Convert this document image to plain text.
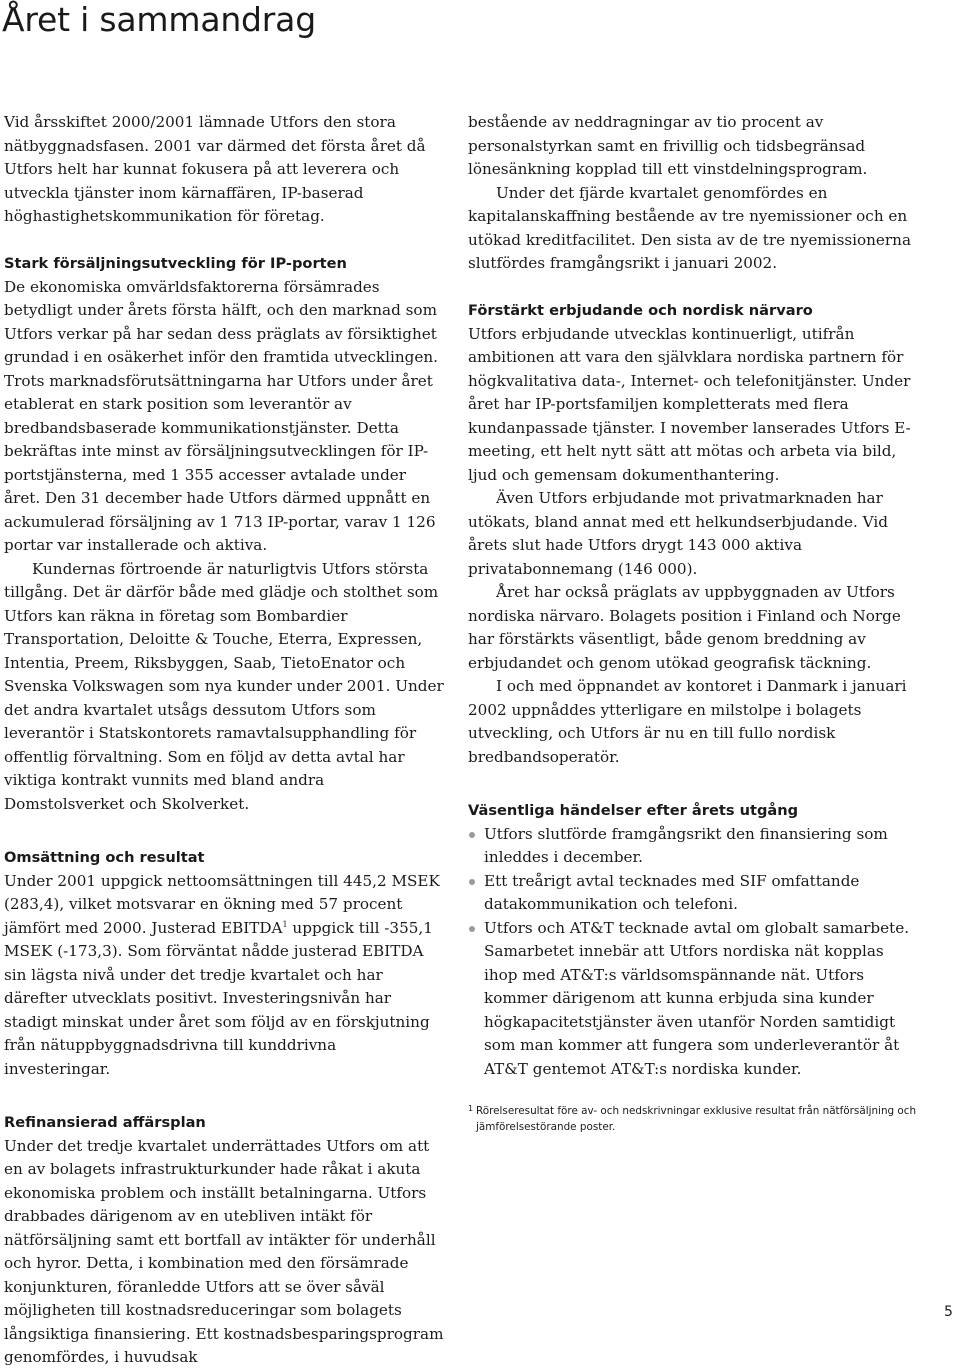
Året i sammandrag

Vid årsskiftet 2000/2001 lämnade Utfors den stora nätbyggnadsfasen. 2001 var därmed det första året då Utfors helt har kunnat fokusera på att leverera och utveckla tjänster inom kärnaffären, IP-baserad höghastighetskommunikation för företag.

Stark försäljningsutveckling för IP-porten

De ekonomiska omvärldsfaktorerna försämrades betydligt under årets första hälft, och den marknad som Utfors verkar på har sedan dess präglats av försiktighet grundad i en osäkerhet inför den framtida utvecklingen. Trots marknadsförutsättningarna har Utfors under året etablerat en stark position som leverantör av bredbandsbaserade kommunikationstjänster. Detta bekräftas inte minst av försäljningsutvecklingen för IP-portstjänsterna, med 1 355 accesser avtalade under året. Den 31 december hade Utfors därmed uppnått en ackumulerad försäljning av 1 713 IP-portar, varav 1 126 portar var installerade och aktiva.

Kundernas förtroende är naturligtvis Utfors största tillgång. Det är därför både med glädje och stolthet som Utfors kan räkna in företag som Bombardier Transportation, Deloitte & Touche, Eterra, Expressen, Intentia, Preem, Riksbyggen, Saab, TietoEnator och Svenska Volkswagen som nya kunder under 2001. Under det andra kvartalet utsågs dessutom Utfors som leverantör i Statskontorets ramavtalsupphandling för offentlig förvaltning. Som en följd av detta avtal har viktiga kontrakt vunnits med bland andra Domstolsverket och Skolverket.

Omsättning och resultat

Under 2001 uppgick nettoomsättningen till 445,2 MSEK (283,4), vilket motsvarar en ökning med 57 procent jämfört med 2000. Justerad EBITDA$^1$ uppgick till -355,1 MSEK (-173,3). Som förväntat nådde justerad EBITDA sin lägsta nivå under det tredje kvartalet och har därefter utvecklats positivt. Investeringsnivån har stadigt minskat under året som följd av en förskjutning från nätuppbyggnadsdrivna till kunddrivna investeringar.

Refinansierad affärsplan

Under det tredje kvartalet underrättades Utfors om att en av bolagets infrastrukturkunder hade råkat i akuta ekonomiska problem och inställt betalningarna. Utfors drabbades därigenom av en utebliven intäkt för nätförsäljning samt ett bortfall av intäkter för underhåll och hyror. Detta, i kombination med den försämrade konjunkturen, föranledde Utfors att se över såväl möjligheten till kostnadsreduceringar som bolagets långsiktiga finansiering. Ett kostnadsbesparingsprogram genomfördes, i huvudsak

bestående av neddragningar av tio procent av personalstyrkan samt en frivillig och tidsbegränsad lönesänkning kopplad till ett vinstdelningsprogram.

Under det fjärde kvartalet genomfördes en kapitalanskaffning bestående av tre nyemissioner och en utökad kreditfacilitet. Den sista av de tre nyemissionerna slutfördes framgångsrikt i januari 2002.

Förstärkt erbjudande och nordisk närvaro

Utfors erbjudande utvecklas kontinuerligt, utifrån ambitionen att vara den självklara nordiska partnern för högkvalitativa data-, Internet- och telefonitjänster. Under året har IP-portsfamiljen kompletterats med flera kundanpassade tjänster. I november lanserades Utfors E-meeting, ett helt nytt sätt att mötas och arbeta via bild, ljud och gemensam dokumenthantering.

Även Utfors erbjudande mot privatmarknaden har utökats, bland annat med ett helkundserbjudande. Vid årets slut hade Utfors drygt 143 000 aktiva privatabonnemang (146 000).

Året har också präglats av uppbyggnaden av Utfors nordiska närvaro. Bolagets position i Finland och Norge har förstärkts väsentligt, både genom breddning av erbjudandet och genom utökad geografisk täckning.

I och med öppnandet av kontoret i Danmark i januari 2002 uppnåddes ytterligare en milstolpe i bolagets utveckling, och Utfors är nu en till fullo nordisk bredbandsoperatör.

Väsentliga händelser efter årets utgång
Utfors slutförde framgångsrikt den finansiering som inleddes i december.
Ett treårigt avtal tecknades med SIF omfattande datakommunikation och telefoni.
Utfors och AT&T tecknade avtal om globalt samarbete. Samarbetet innebär att Utfors nordiska nät kopplas ihop med AT&T:s världsomspännande nät. Utfors kommer därigenom att kunna erbjuda sina kunder högkapacitetstjänster även utanför Norden samtidigt som man kommer att fungera som underleverantör åt AT&T gentemot AT&T:s nordiska kunder.
1 Rörelseresultat före av- och nedskrivningar exklusive resultat från nätförsäljning och jämförelsestörande poster.
5
